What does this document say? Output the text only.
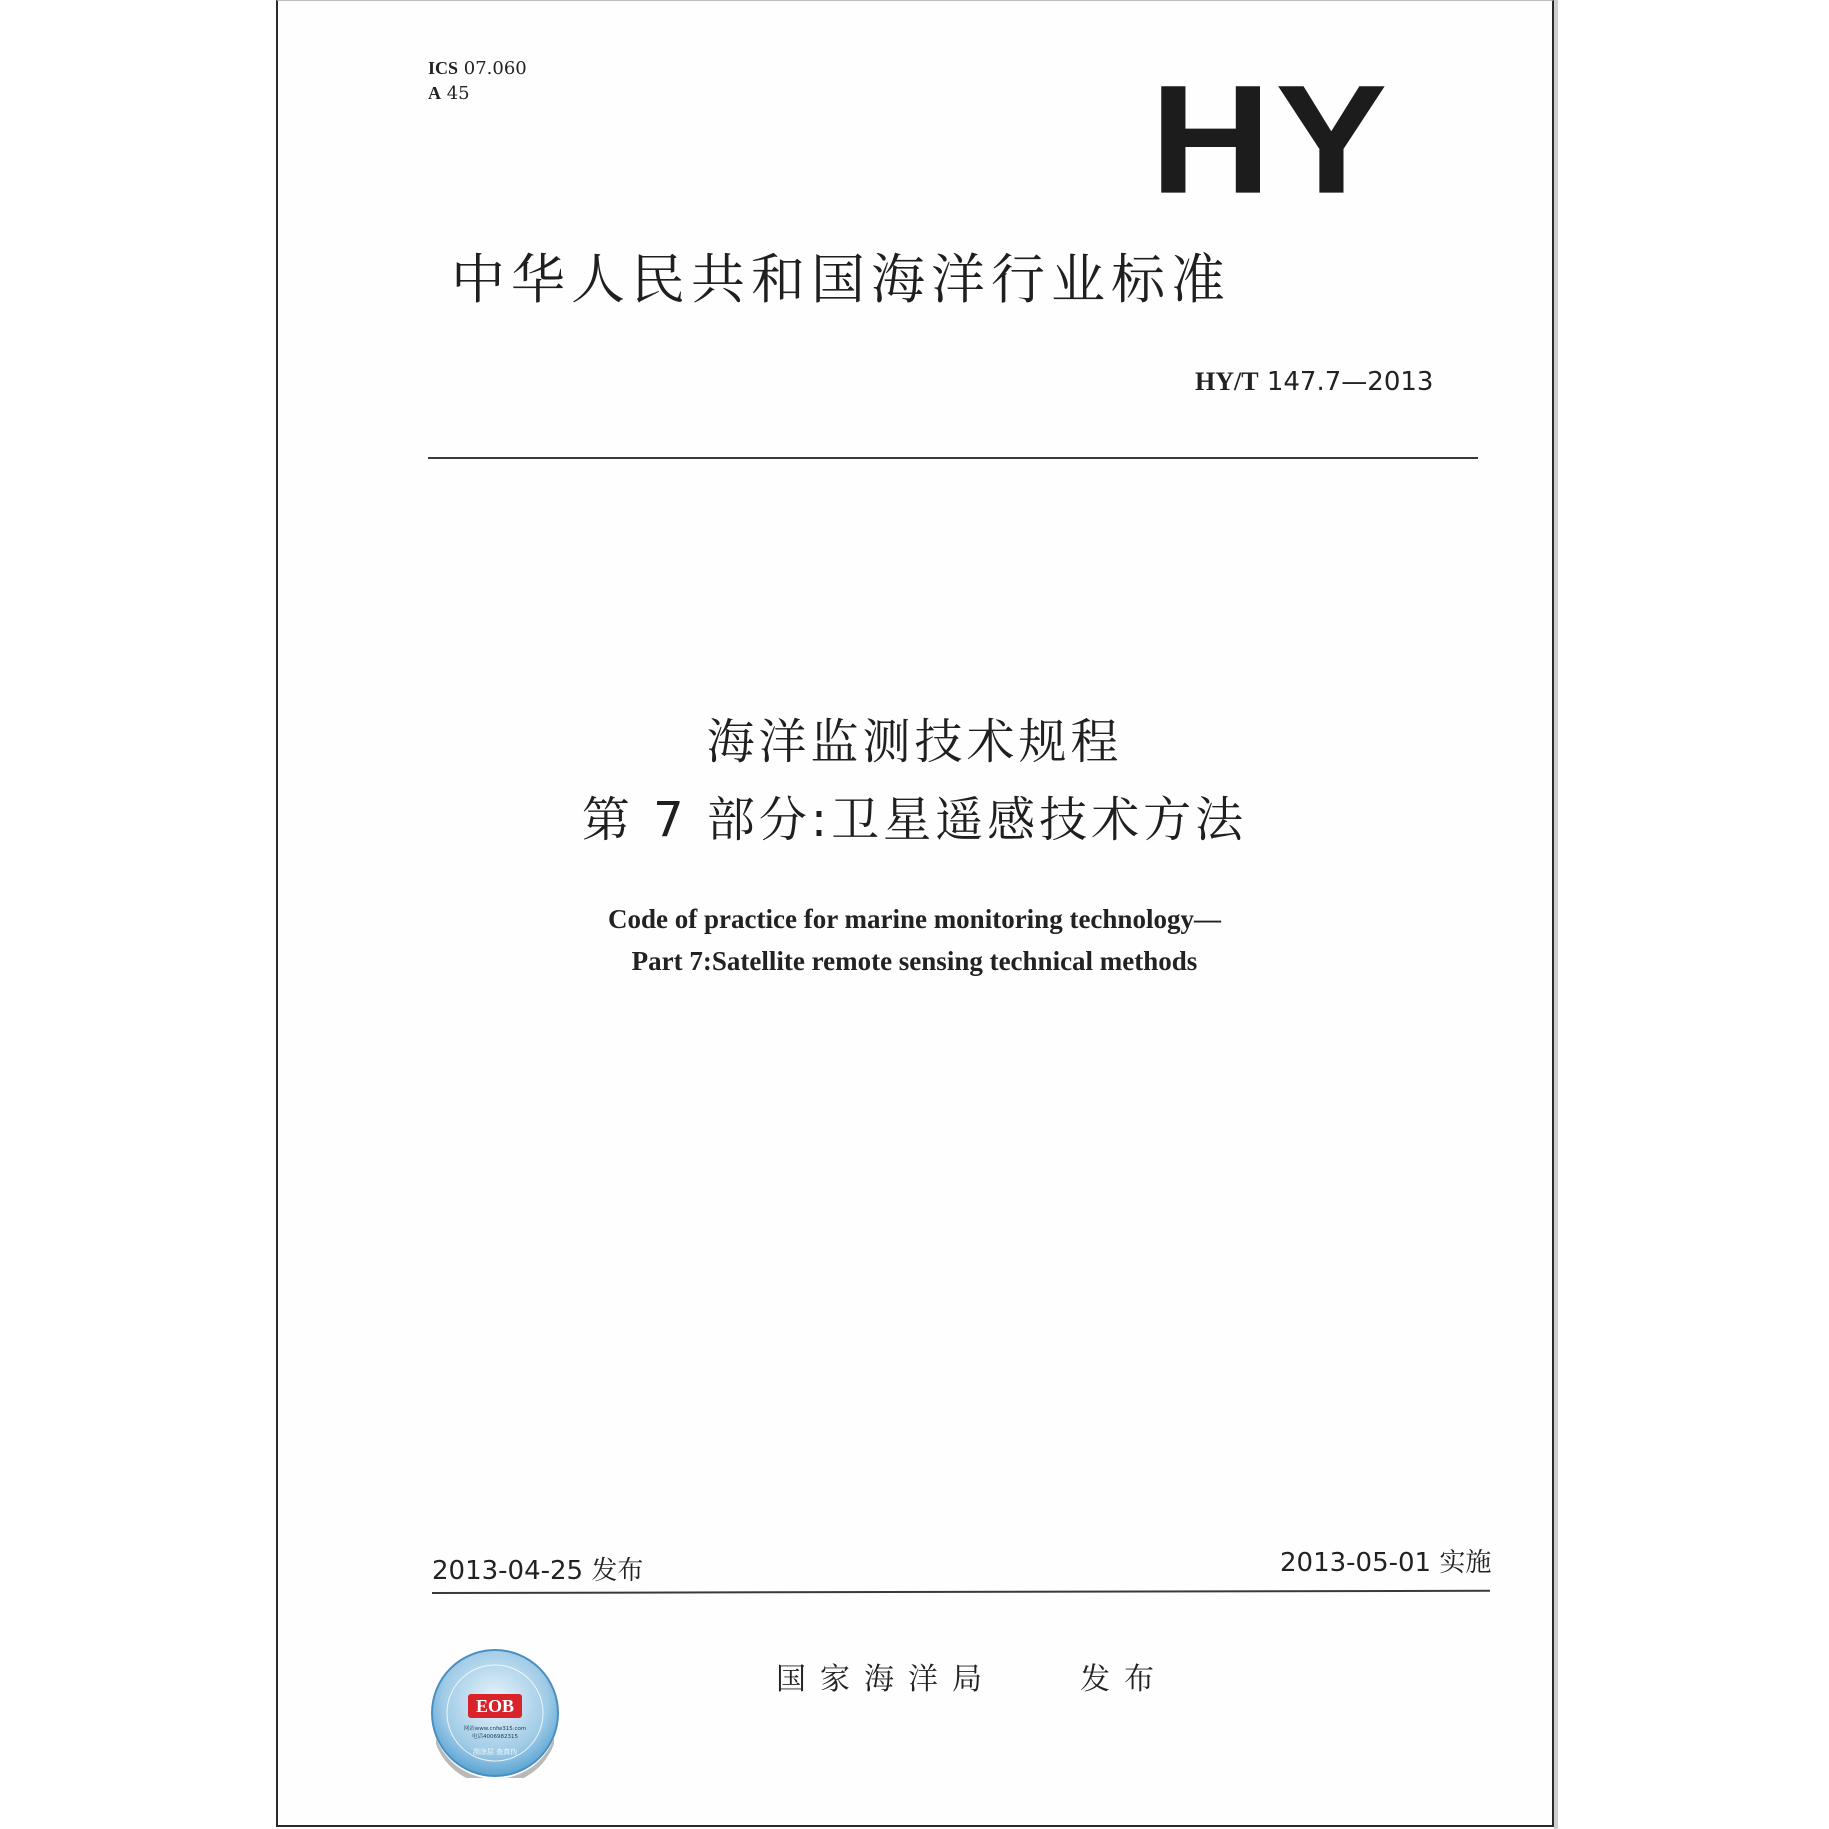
ICS 07.060
A 45	HY
中华人民共和国海洋行业标准
HY/T 147.7—2013
海洋监测技术规程
第 7 部分:卫星遥感技术方法
Code of practice for marine monitoring technology—
Part 7:Satellite remote sensing technical methods
2013-04-25 发布	2013-05-01 实施
国家海洋局	发布
EOB
网站www.cnfw315.com
电话4006982315
刮涂层 查真伪
